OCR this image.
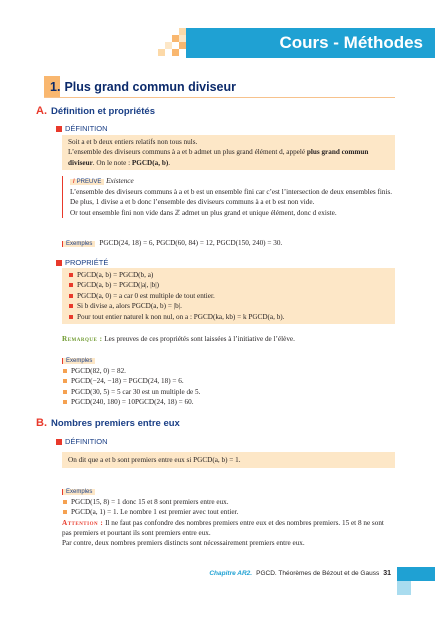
Cours - Méthodes
1. Plus grand commun diviseur
A. Définition et propriétés
DÉFINITION

Soit a et b deux entiers relatifs non tous nuls.

L’ensemble des diviseurs communs à a et b admet un plus grand élément d, appelé plus grand commun diviseur. On le note : PGCD(a, b).

/ PREUVE Existence

L’ensemble des diviseurs communs à a et b est un ensemble fini car c’est l’intersection de deux ensembles finis.

De plus, 1 divise a et b donc l’ensemble des diviseurs communs à a et b est non vide.

Or tout ensemble fini non vide dans ℤ admet un plus grand et unique élément, donc d existe.

Exemples PGCD(24, 18) = 6, PGCD(60, 84) = 12, PGCD(150, 240) = 30.
PROPRIÉTÉ
PGCD(a, b) = PGCD(b, a)
PGCD(a, b) = PGCD(|a|, |b|)
PGCD(a, 0) = a car 0 est multiple de tout entier.
Si b divise a, alors PGCD(a, b) = |b|.
Pour tout entier naturel k non nul, on a : PGCD(ka, kb) = k PGCD(a, b).
Remarque : Les preuves de ces propriétés sont laissées à l’initiative de l’élève.

Exemples

PGCD(82, 0) = 82.
PGCD(−24, −18) = PGCD(24, 18) = 6.
PGCD(30, 5) = 5 car 30 est un multiple de 5.
PGCD(240, 180) = 10PGCD(24, 18) = 60.
B. Nombres premiers entre eux
DÉFINITION

On dit que a et b sont premiers entre eux si PGCD(a, b) = 1.

Exemples

PGCD(15, 8) = 1 donc 15 et 8 sont premiers entre eux.
PGCD(a, 1) = 1. Le nombre 1 est premier avec tout entier.

Attention : Il ne faut pas confondre des nombres premiers entre eux et des nombres premiers. 15 et 8 ne sont pas premiers et pourtant ils sont premiers entre eux.

Par contre, deux nombres premiers distincts sont nécessairement premiers entre eux.

Chapitre AR2. PGCD. Théorèmes de Bézout et de Gauss 31
